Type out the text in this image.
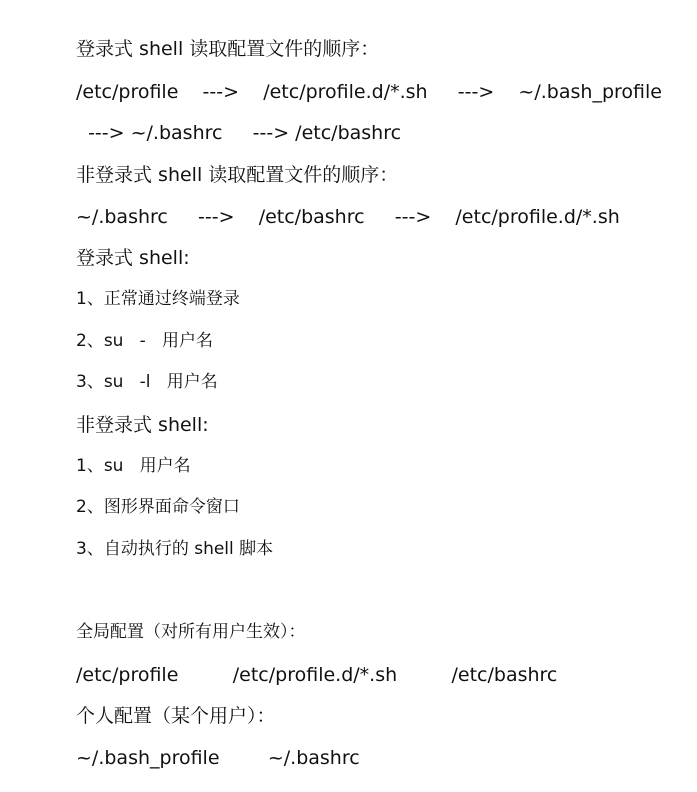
登录式 shell 读取配置文件的顺序：
/etc/profile    --->    /etc/profile.d/*.sh     --->    ~/.bash_profile
---> ~/.bashrc     ---> /etc/bashrc
非登录式 shell 读取配置文件的顺序：
~/.bashrc     --->    /etc/bashrc     --->    /etc/profile.d/*.sh
登录式 shell:
1、正常通过终端登录
2、su   -   用户名
3、su   -l   用户名
非登录式 shell:
1、su   用户名
2、图形界面命令窗口
3、自动执行的 shell 脚本
全局配置（对所有用户生效）：
/etc/profile         /etc/profile.d/*.sh         /etc/bashrc
个人配置（某个用户）：
~/.bash_profile        ~/.bashrc
